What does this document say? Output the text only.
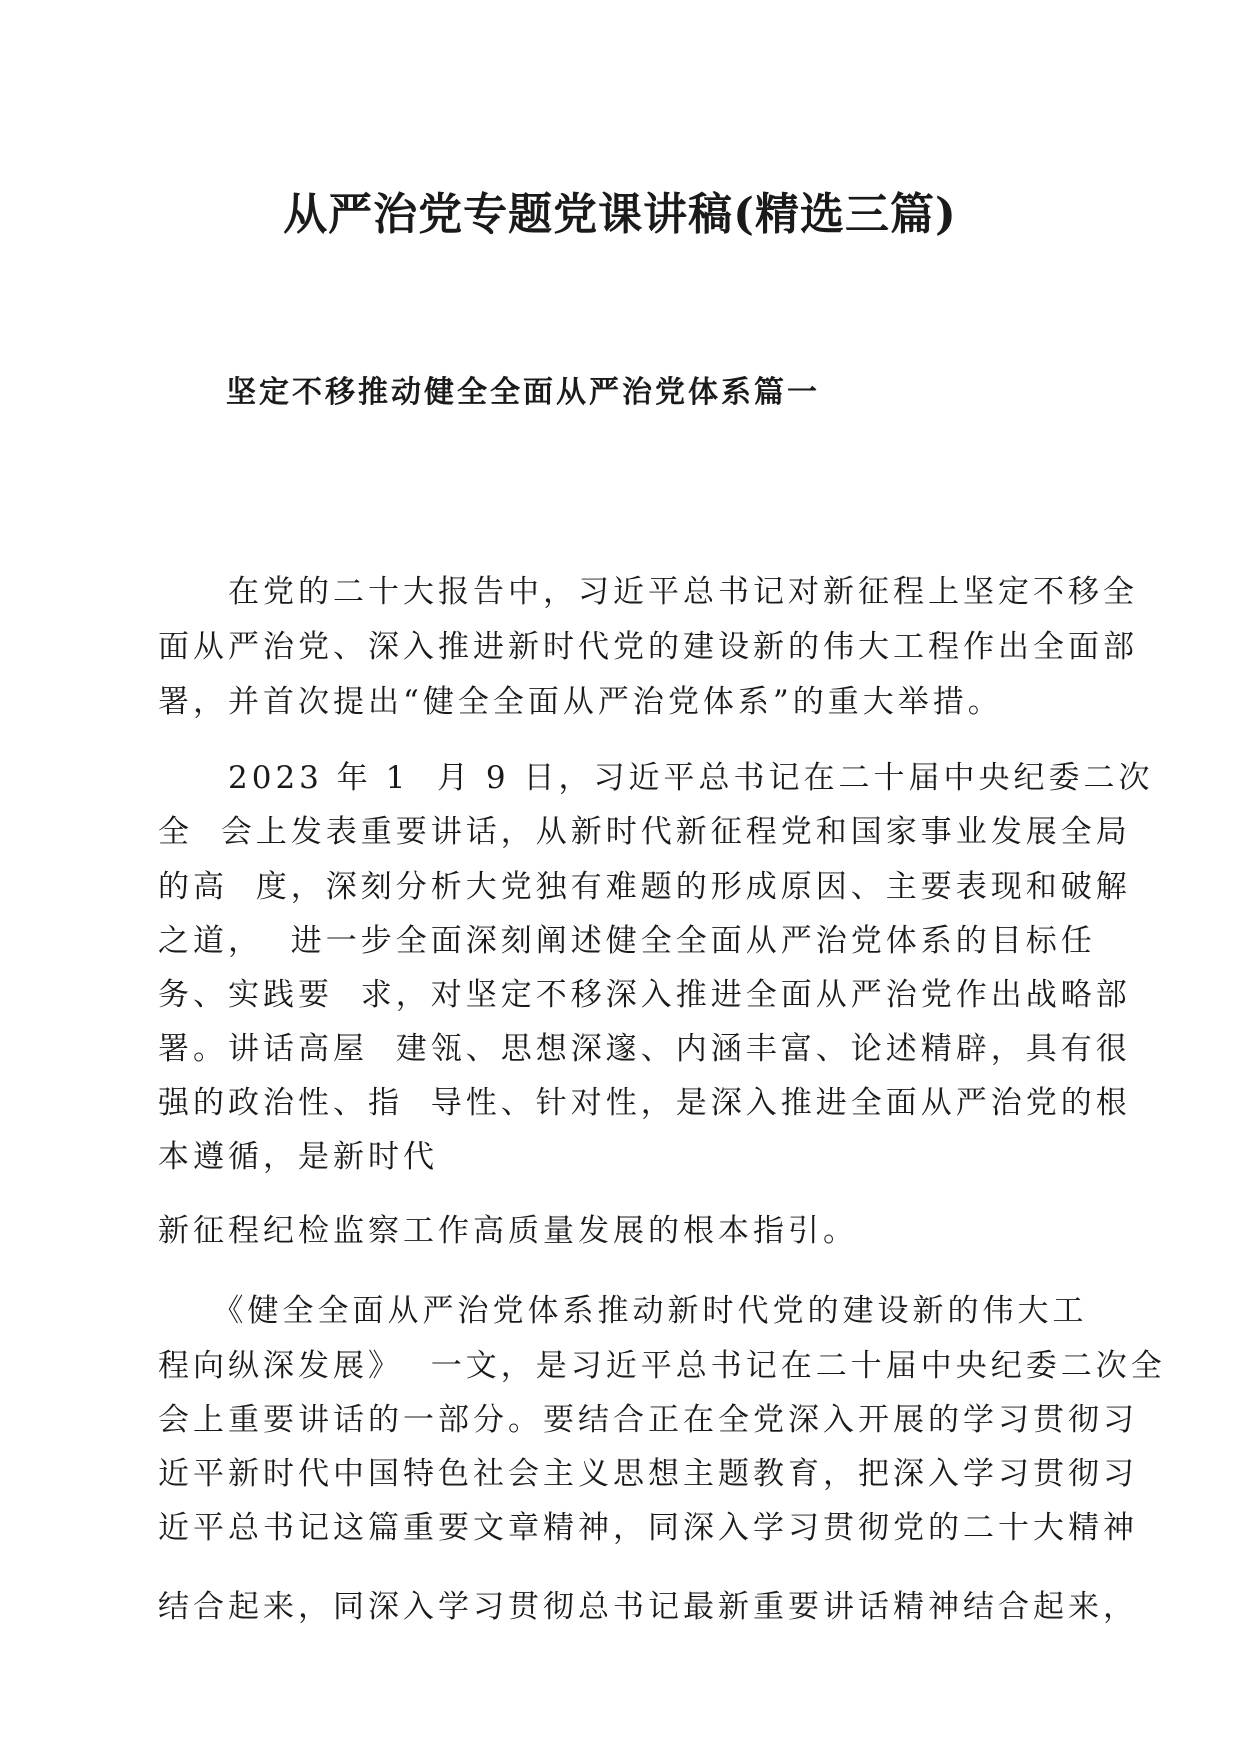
从严治党专题党课讲稿(精选三篇)
坚定不移推动健全全面从严治党体系篇一
　　在党的二十大报告中，习近平总书记对新征程上坚定不移全
面从严治党、深入推进新时代党的建设新的伟大工程作出全面部
署，并首次提出“健全全面从严治党体系”的重大举措。
　　2023 年 1  月 9 日，习近平总书记在二十届中央纪委二次
全  会上发表重要讲话，从新时代新征程党和国家事业发展全局
的高  度，深刻分析大党独有难题的形成原因、主要表现和破解
之道，  进一步全面深刻阐述健全全面从严治党体系的目标任
务、实践要  求，对坚定不移深入推进全面从严治党作出战略部
署。讲话高屋  建瓴、思想深邃、内涵丰富、论述精辟，具有很
强的政治性、指  导性、针对性，是深入推进全面从严治党的根
本遵循，是新时代
新征程纪检监察工作高质量发展的根本指引。
　　《健全全面从严治党体系推动新时代党的建设新的伟大工
程向纵深发展》  一文，是习近平总书记在二十届中央纪委二次全
会上重要讲话的一部分。要结合正在全党深入开展的学习贯彻习
近平新时代中国特色社会主义思想主题教育，把深入学习贯彻习
近平总书记这篇重要文章精神，同深入学习贯彻党的二十大精神
结合起来，同深入学习贯彻总书记最新重要讲话精神结合起来，
